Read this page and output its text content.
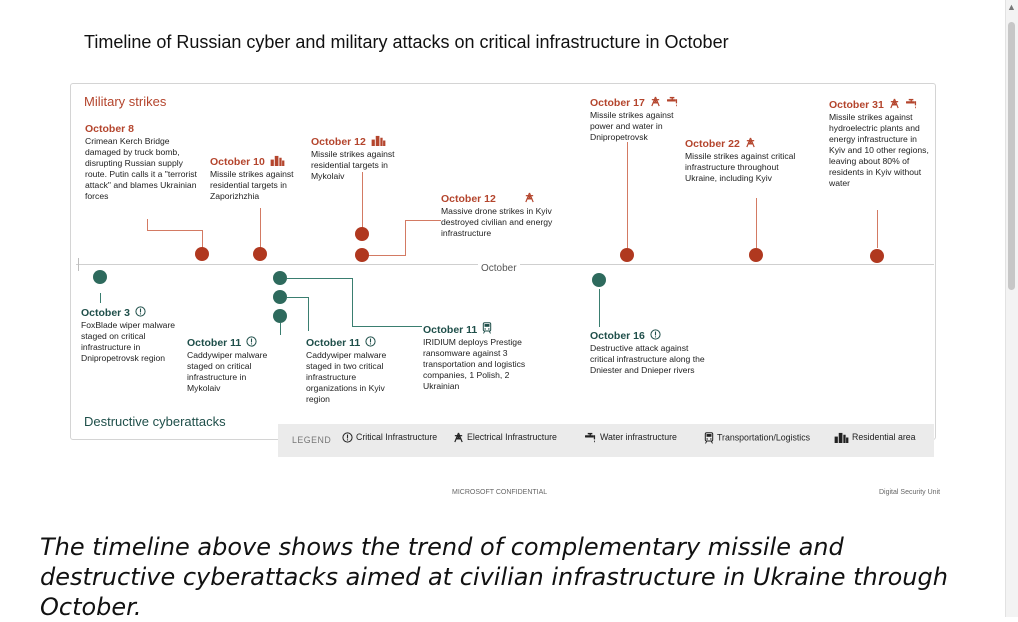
Timeline of Russian cyber and military attacks on critical infrastructure in October
Military strikes
October 8
Crimean Kerch Bridge damaged by truck bomb, disrupting Russian supply route. Putin calls it a "terrorist attack" and blames Ukrainian forces
October 10
Missile strikes against residential targets in Zaporizhzhia
October 12
Missile strikes against residential targets in Mykolaiv
October 12
Massive drone strikes in Kyiv destroyed civilian and energy infrastructure
October 17
Missile strikes against power and water in Dnipropetrovsk
October 22
Missile strikes against critical infrastructure throughout Ukraine, including Kyiv
October 31
Missile strikes against hydroelectric plants and energy infrastructure in Kyiv and 10 other regions, leaving about 80% of residents in Kyiv without water
October
October 3
FoxBlade wiper malware staged on critical infrastructure in Dnipropetrovsk region
October 11
Caddywiper malware staged on critical infrastructure in Mykolaiv
October 11
Caddywiper malware staged in two critical infrastructure organizations in Kyiv region
October 11
IRIDIUM deploys Prestige ransomware against 3 transportation and logistics companies, 1 Polish, 2 Ukrainian
October 16
Destructive attack against critical infrastructure along the Dniester and Dnieper rivers
Destructive cyberattacks
LEGEND	Critical Infrastructure	Electrical Infrastructure	Water infrastructure	Transportation/Logistics	Residential area
MICROSOFT CONFIDENTIAL	Digital Security Unit
The timeline above shows the trend of complementary missile and destructive cyberattacks aimed at civilian infrastructure in Ukraine through October.
▲
